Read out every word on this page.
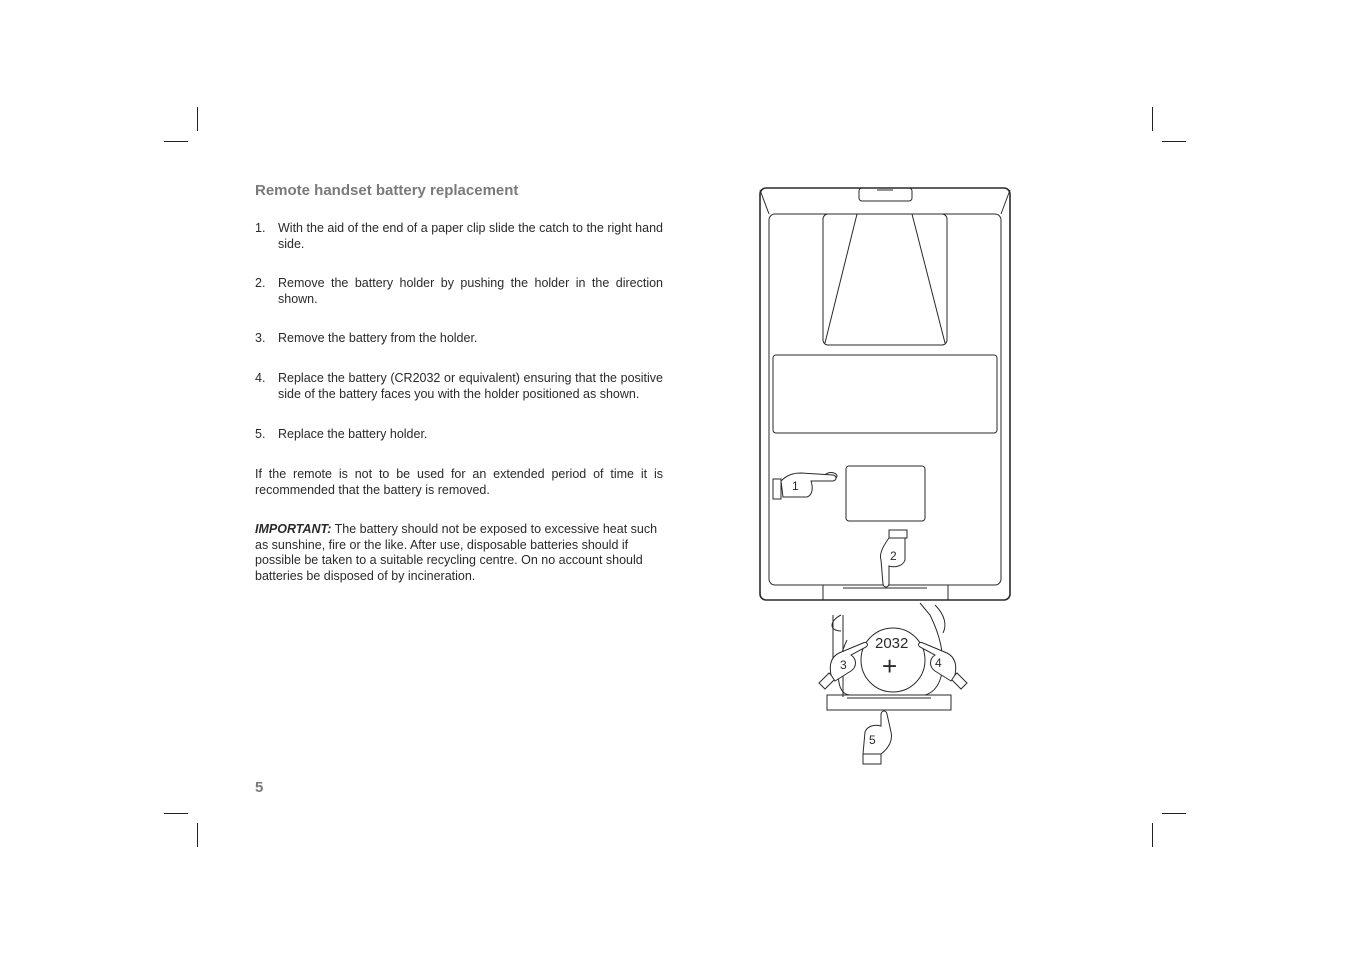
Remote handset battery replacement
1. With the aid of the end of a paper clip slide the catch to the right hand side.
2. Remove the battery holder by pushing the holder in the direction shown.
3. Remove the battery from the holder.
4. Replace the battery (CR2032 or equivalent) ensuring that the positive side of the battery faces you with the holder positioned as shown.
5. Replace the battery holder.
If the remote is not to be used for an extended period of time it is recommended that the battery is removed.
IMPORTANT: The battery should not be exposed to excessive heat such as sunshine, fire or the like. After use, disposable batteries should if possible be taken to a suitable recycling centre. On no account should batteries be disposed of by incineration.
5
2032
+
1
2
3	4
5
